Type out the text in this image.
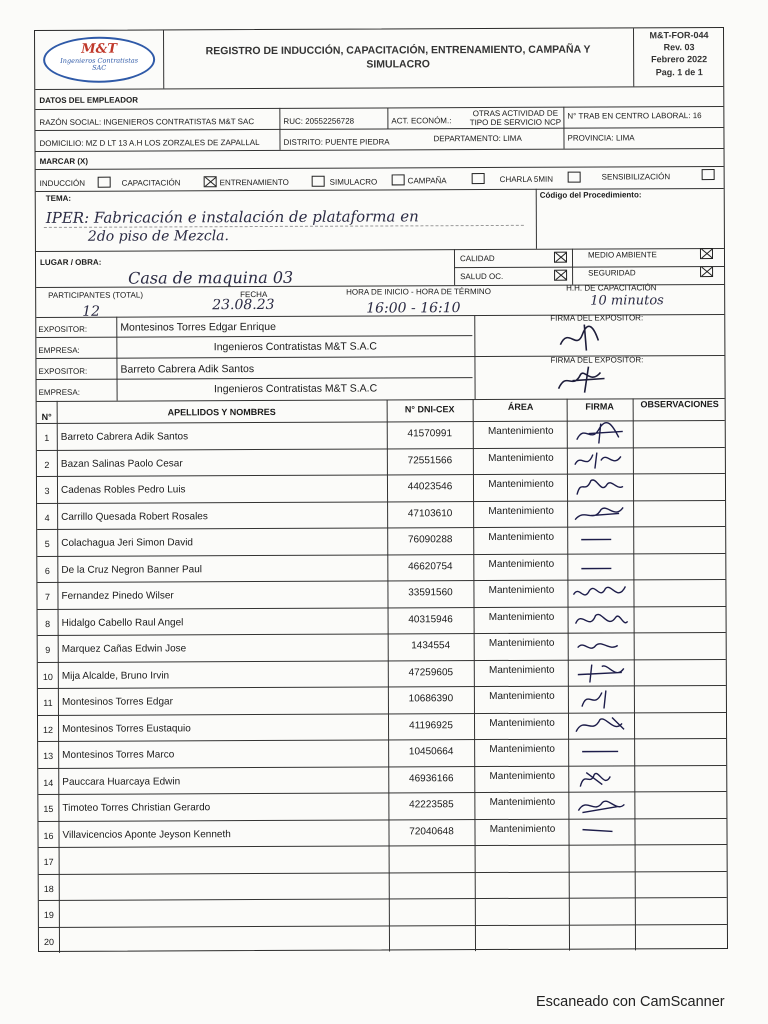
M&T
Ingenieros Contratistas
SAC
REGISTRO DE INDUCCIÓN, CAPACITACIÓN, ENTRENAMIENTO, CAMPAÑA Y
SIMULACRO
M&T-FOR-044
Rev. 03
Febrero 2022
Pag. 1 de 1
DATOS DEL EMPLEADOR
RAZÓN SOCIAL: INGENIEROS CONTRATISTAS M&T SAC	RUC: 20552256728	ACT. ECONÓM.:
OTRAS ACTIVIDAD DE
TIPO DE SERVICIO NCP
N° TRAB EN CENTRO LABORAL: 16
DOMICILIO: MZ D LT 13 A.H LOS ZORZALES DE ZAPALLAL	DISTRITO: PUENTE PIEDRA	DEPARTAMENTO: LIMA	PROVINCIA: LIMA
MARCAR (X)
INDUCCIÓN	CAPACITACIÓN	ENTRENAMIENTO	SIMULACRO	CAMPAÑA	CHARLA 5MIN	SENSIBILIZACIÓN
TEMA:	Código del Procedimiento:
IPER: Fabricación e instalación de plataforma en
2do piso de Mezcla.
LUGAR / OBRA:
Casa de maquina 03
CALIDAD
SALUD OC.
MEDIO AMBIENTE
SEGURIDAD
PARTICIPANTES (TOTAL)
12
FECHA
23.08.23
HORA DE INICIO - HORA DE TÉRMINO
16:00 - 16:10
H.H. DE CAPACITACIÓN
10 minutos
EXPOSITOR:	Montesinos Torres Edgar Enrique
FIRMA DEL EXPOSITOR:
EMPRESA:	Ingenieros Contratistas M&T S.A.C
EXPOSITOR:	Barreto Cabrera Adik Santos
FIRMA DEL EXPOSITOR:
EMPRESA:	Ingenieros Contratistas M&T S.A.C
N°	APELLIDOS Y NOMBRES	N° DNI-CEX	ÁREA	FIRMA	OBSERVACIONES
1	Barreto Cabrera Adik Santos	41570991	Mantenimiento
2	Bazan Salinas Paolo Cesar	72551566	Mantenimiento
3	Cadenas Robles Pedro Luis	44023546	Mantenimiento
4	Carrillo Quesada Robert Rosales	47103610	Mantenimiento
5	Colachagua Jeri Simon David	76090288	Mantenimiento
6	De la Cruz Negron Banner Paul	46620754	Mantenimiento
7	Fernandez Pinedo Wilser	33591560	Mantenimiento
8	Hidalgo Cabello Raul Angel	40315946	Mantenimiento
9	Marquez Cañas Edwin Jose	1434554	Mantenimiento
10 Mija Alcalde, Bruno Irvin	47259605	Mantenimiento
11 Montesinos Torres Edgar	10686390	Mantenimiento
12 Montesinos Torres Eustaquio	41196925	Mantenimiento
13 Montesinos Torres Marco	10450664	Mantenimiento
14 Pauccara Huarcaya Edwin	46936166	Mantenimiento
15 Timoteo Torres Christian Gerardo	42223585	Mantenimiento
16 Villavicencios Aponte Jeyson Kenneth	72040648	Mantenimiento
17
18
19
20
Escaneado con CamScanner
